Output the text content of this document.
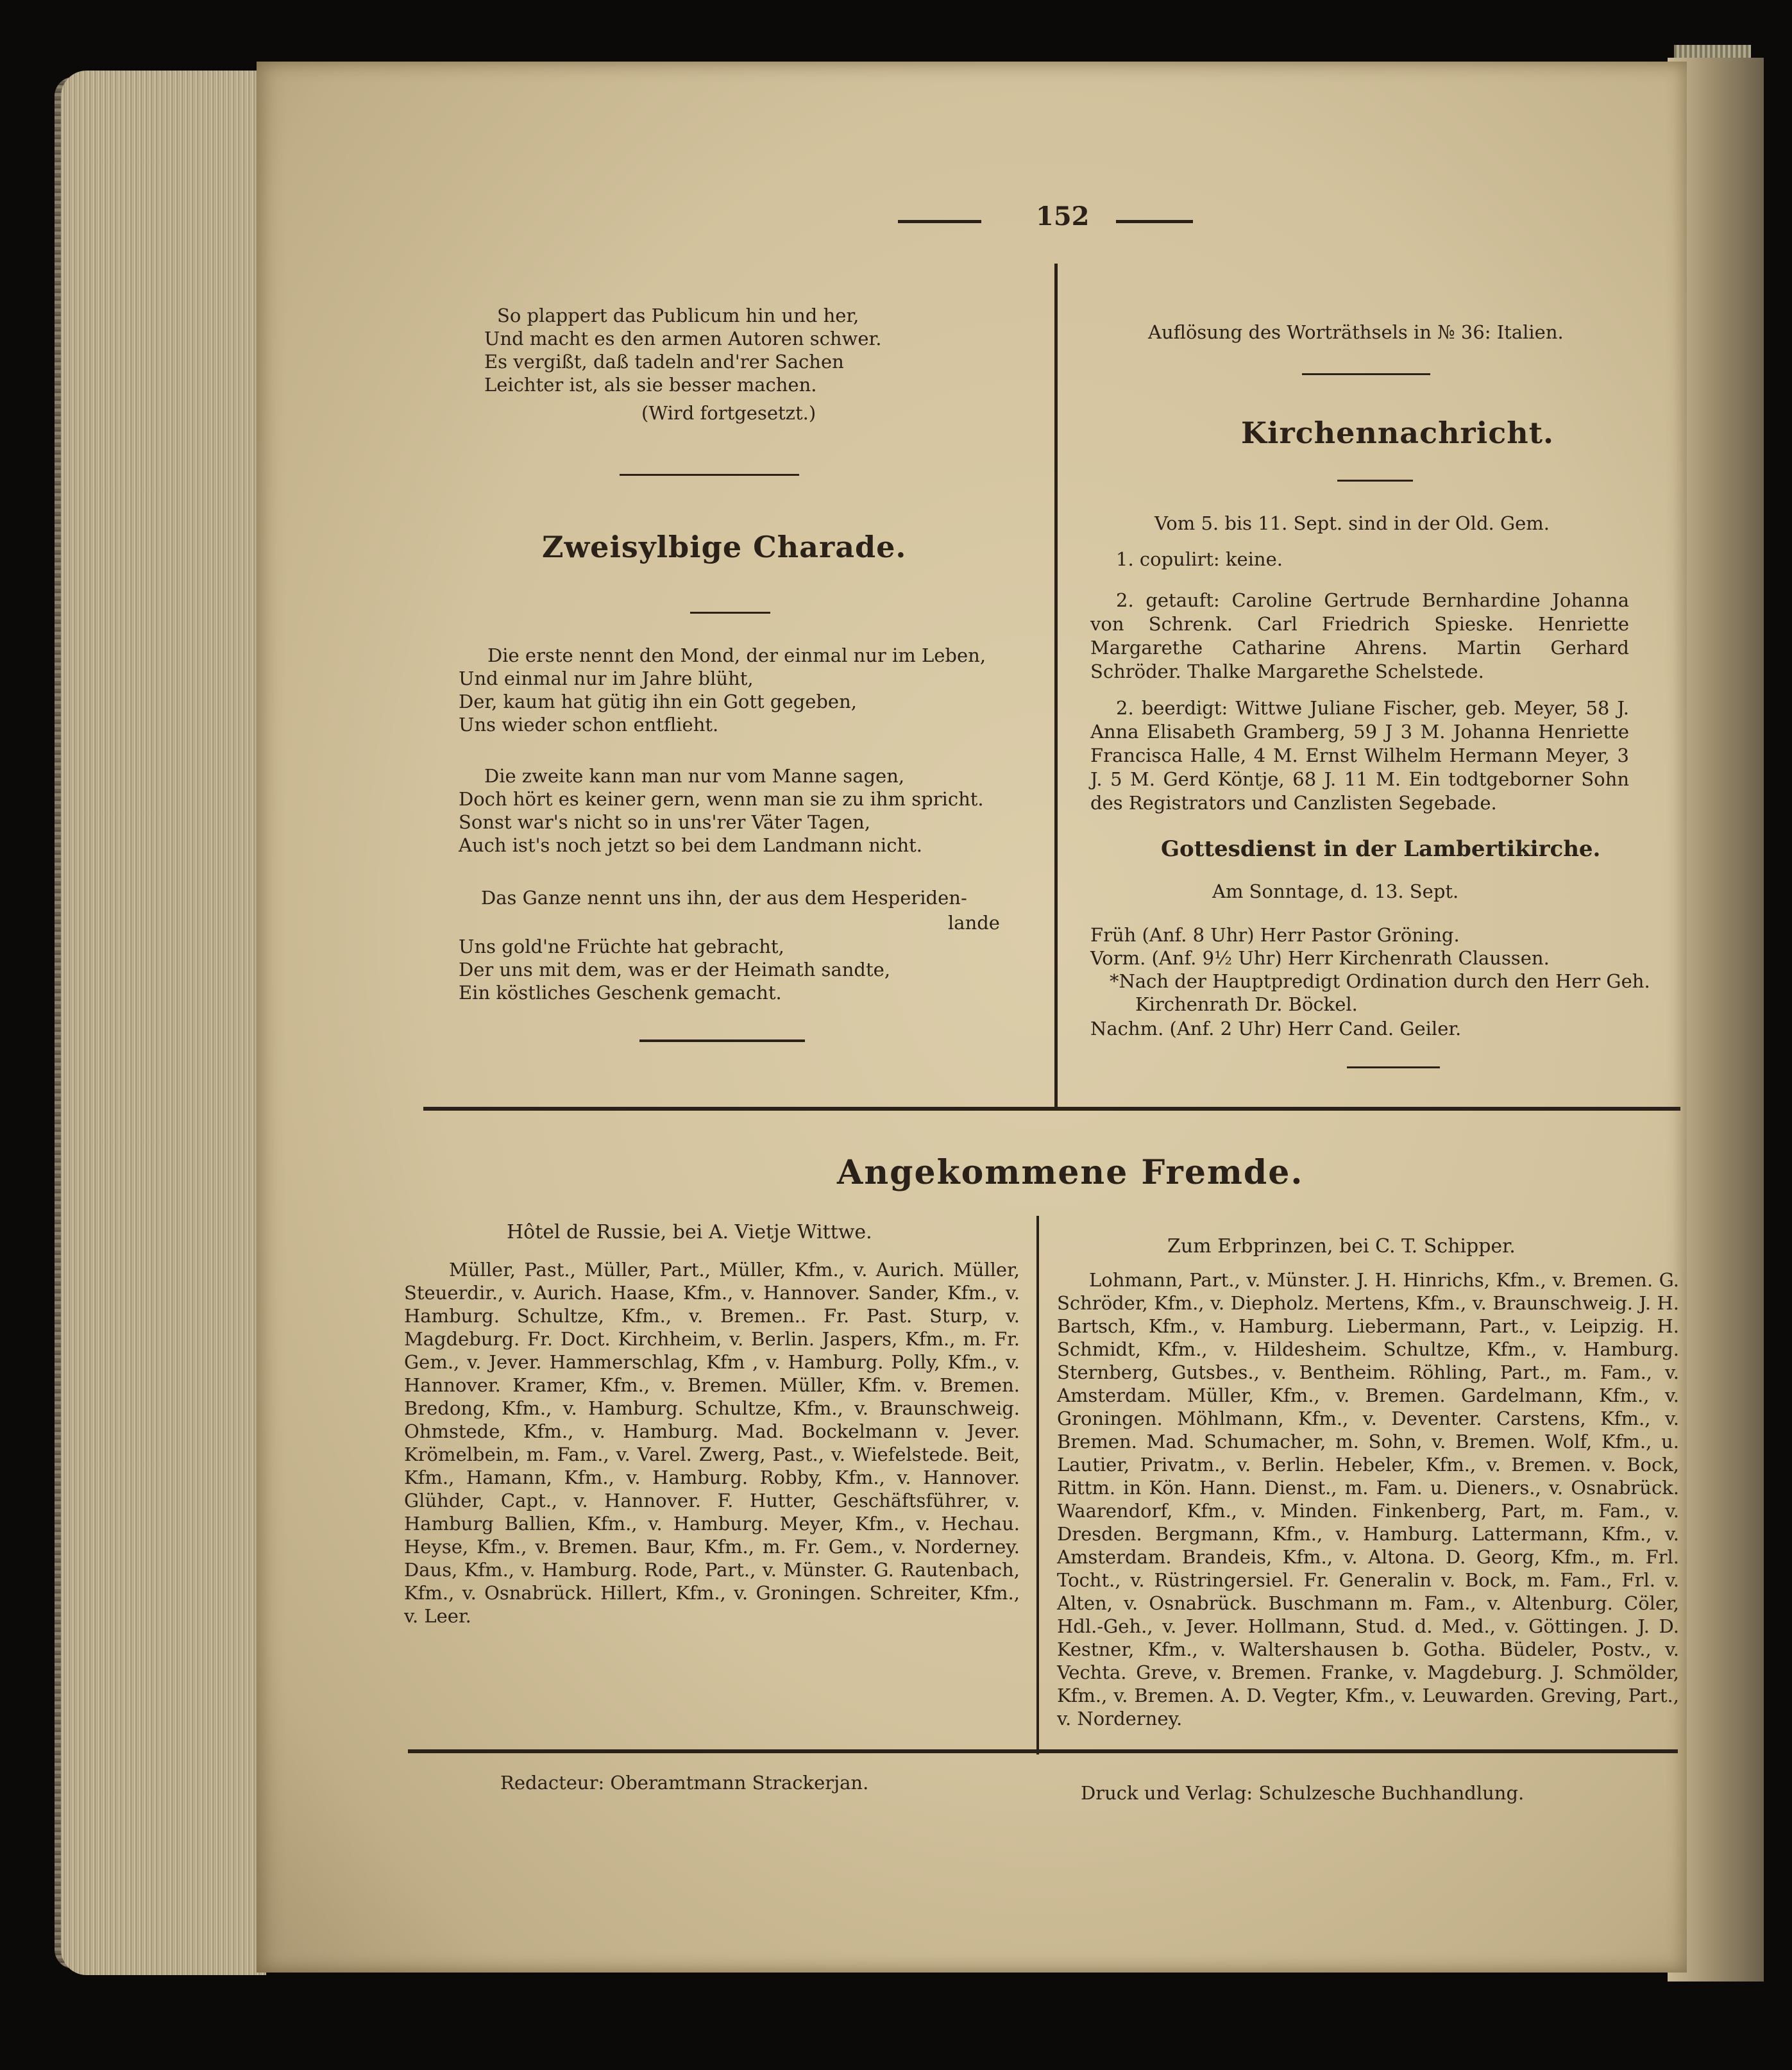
152
So plappert das Publicum hin und her,
Und macht es den armen Autoren schwer.
Es vergißt, daß tadeln and'rer Sachen
Leichter ist, als sie besser machen.
(Wird fortgesetzt.)
Zweisylbige Charade.
Die erste nennt den Mond, der einmal nur im Leben,
Und einmal nur im Jahre blüht,
Der, kaum hat gütig ihn ein Gott gegeben,
Uns wieder schon entflieht.
Die zweite kann man nur vom Manne sagen,
Doch hört es keiner gern, wenn man sie zu ihm spricht.
Sonst war's nicht so in uns'rer Väter Tagen,
Auch ist's noch jetzt so bei dem Landmann nicht.
Das Ganze nennt uns ihn, der aus dem Hesperiden-
lande
Uns gold'ne Früchte hat gebracht,
Der uns mit dem, was er der Heimath sandte,
Ein köstliches Geschenk gemacht.
Auflösung des Worträthsels in № 36: Italien.
Kirchennachricht.
Vom 5. bis 11. Sept. sind in der Old. Gem.
1. copulirt: keine.
2. getauft: Caroline Gertrude Bernhardine Johanna von Schrenk. Carl Friedrich Spieske. Henriette Margarethe Catharine Ahrens. Martin Gerhard Schröder. Thalke Margarethe Schelstede.
2. beerdigt: Wittwe Juliane Fischer, geb. Meyer, 58 J. Anna Elisabeth Gramberg, 59 J 3 M. Johanna Henriette Francisca Halle, 4 M. Ernst Wilhelm Hermann Meyer, 3 J. 5 M. Gerd Köntje, 68 J. 11 M. Ein todtgeborner Sohn des Registrators und Canzlisten Segebade.
Gottesdienst in der Lambertikirche.
Am Sonntage, d. 13. Sept.
Früh (Anf. 8 Uhr) Herr Pastor Gröning.
Vorm. (Anf. 9½ Uhr) Herr Kirchenrath Claussen.
*Nach der Hauptpredigt Ordination durch den Herr Geh.
Kirchenrath Dr. Böckel.
Nachm. (Anf. 2 Uhr) Herr Cand. Geiler.
Angekommene Fremde.
Hôtel de Russie, bei A. Vietje Wittwe.
Müller, Past., Müller, Part., Müller, Kfm., v. Aurich. Müller, Steuerdir., v. Aurich. Haase, Kfm., v. Hannover. Sander, Kfm., v. Hamburg. Schultze, Kfm., v. Bremen.. Fr. Past. Sturp, v. Magdeburg. Fr. Doct. Kirchheim, v. Berlin. Jaspers, Kfm., m. Fr. Gem., v. Jever. Hammerschlag, Kfm , v. Hamburg. Polly, Kfm., v. Hannover. Kramer, Kfm., v. Bremen. Müller, Kfm. v. Bremen. Bredong, Kfm., v. Hamburg. Schultze, Kfm., v. Braunschweig. Ohmstede, Kfm., v. Hamburg. Mad. Bockelmann v. Jever. Krömelbein, m. Fam., v. Varel. Zwerg, Past., v. Wiefelstede. Beit, Kfm., Hamann, Kfm., v. Hamburg. Robby, Kfm., v. Hannover. Glühder, Capt., v. Hannover. F. Hutter, Geschäftsführer, v. Hamburg Ballien, Kfm., v. Hamburg. Meyer, Kfm., v. Hechau. Heyse, Kfm., v. Bremen. Baur, Kfm., m. Fr. Gem., v. Norderney. Daus, Kfm., v. Hamburg. Rode, Part., v. Münster. G. Rautenbach, Kfm., v. Osnabrück. Hillert, Kfm., v. Groningen. Schreiter, Kfm., v. Leer.
Zum Erbprinzen, bei C. T. Schipper.
Lohmann, Part., v. Münster. J. H. Hinrichs, Kfm., v. Bremen. G. Schröder, Kfm., v. Diepholz. Mertens, Kfm., v. Braunschweig. J. H. Bartsch, Kfm., v. Hamburg. Liebermann, Part., v. Leipzig. H. Schmidt, Kfm., v. Hildesheim. Schultze, Kfm., v. Hamburg. Sternberg, Gutsbes., v. Bentheim. Röhling, Part., m. Fam., v. Amsterdam. Müller, Kfm., v. Bremen. Gardelmann, Kfm., v. Groningen. Möhlmann, Kfm., v. Deventer. Carstens, Kfm., v. Bremen. Mad. Schumacher, m. Sohn, v. Bremen. Wolf, Kfm., u. Lautier, Privatm., v. Berlin. Hebeler, Kfm., v. Bremen. v. Bock, Rittm. in Kön. Hann. Dienst., m. Fam. u. Dieners., v. Osnabrück. Waarendorf, Kfm., v. Minden. Finkenberg, Part, m. Fam., v. Dresden. Bergmann, Kfm., v. Hamburg. Lattermann, Kfm., v. Amsterdam. Brandeis, Kfm., v. Altona. D. Georg, Kfm., m. Frl. Tocht., v. Rüstringersiel. Fr. Generalin v. Bock, m. Fam., Frl. v. Alten, v. Osnabrück. Buschmann m. Fam., v. Altenburg. Cöler, Hdl.-Geh., v. Jever. Hollmann, Stud. d. Med., v. Göttingen. J. D. Kestner, Kfm., v. Waltershausen b. Gotha. Büdeler, Postv., v. Vechta. Greve, v. Bremen. Franke, v. Magdeburg. J. Schmölder, Kfm., v. Bremen. A. D. Vegter, Kfm., v. Leuwarden. Greving, Part., v. Norderney.
Redacteur: Oberamtmann Strackerjan.	Druck und Verlag: Schulzesche Buchhandlung.
